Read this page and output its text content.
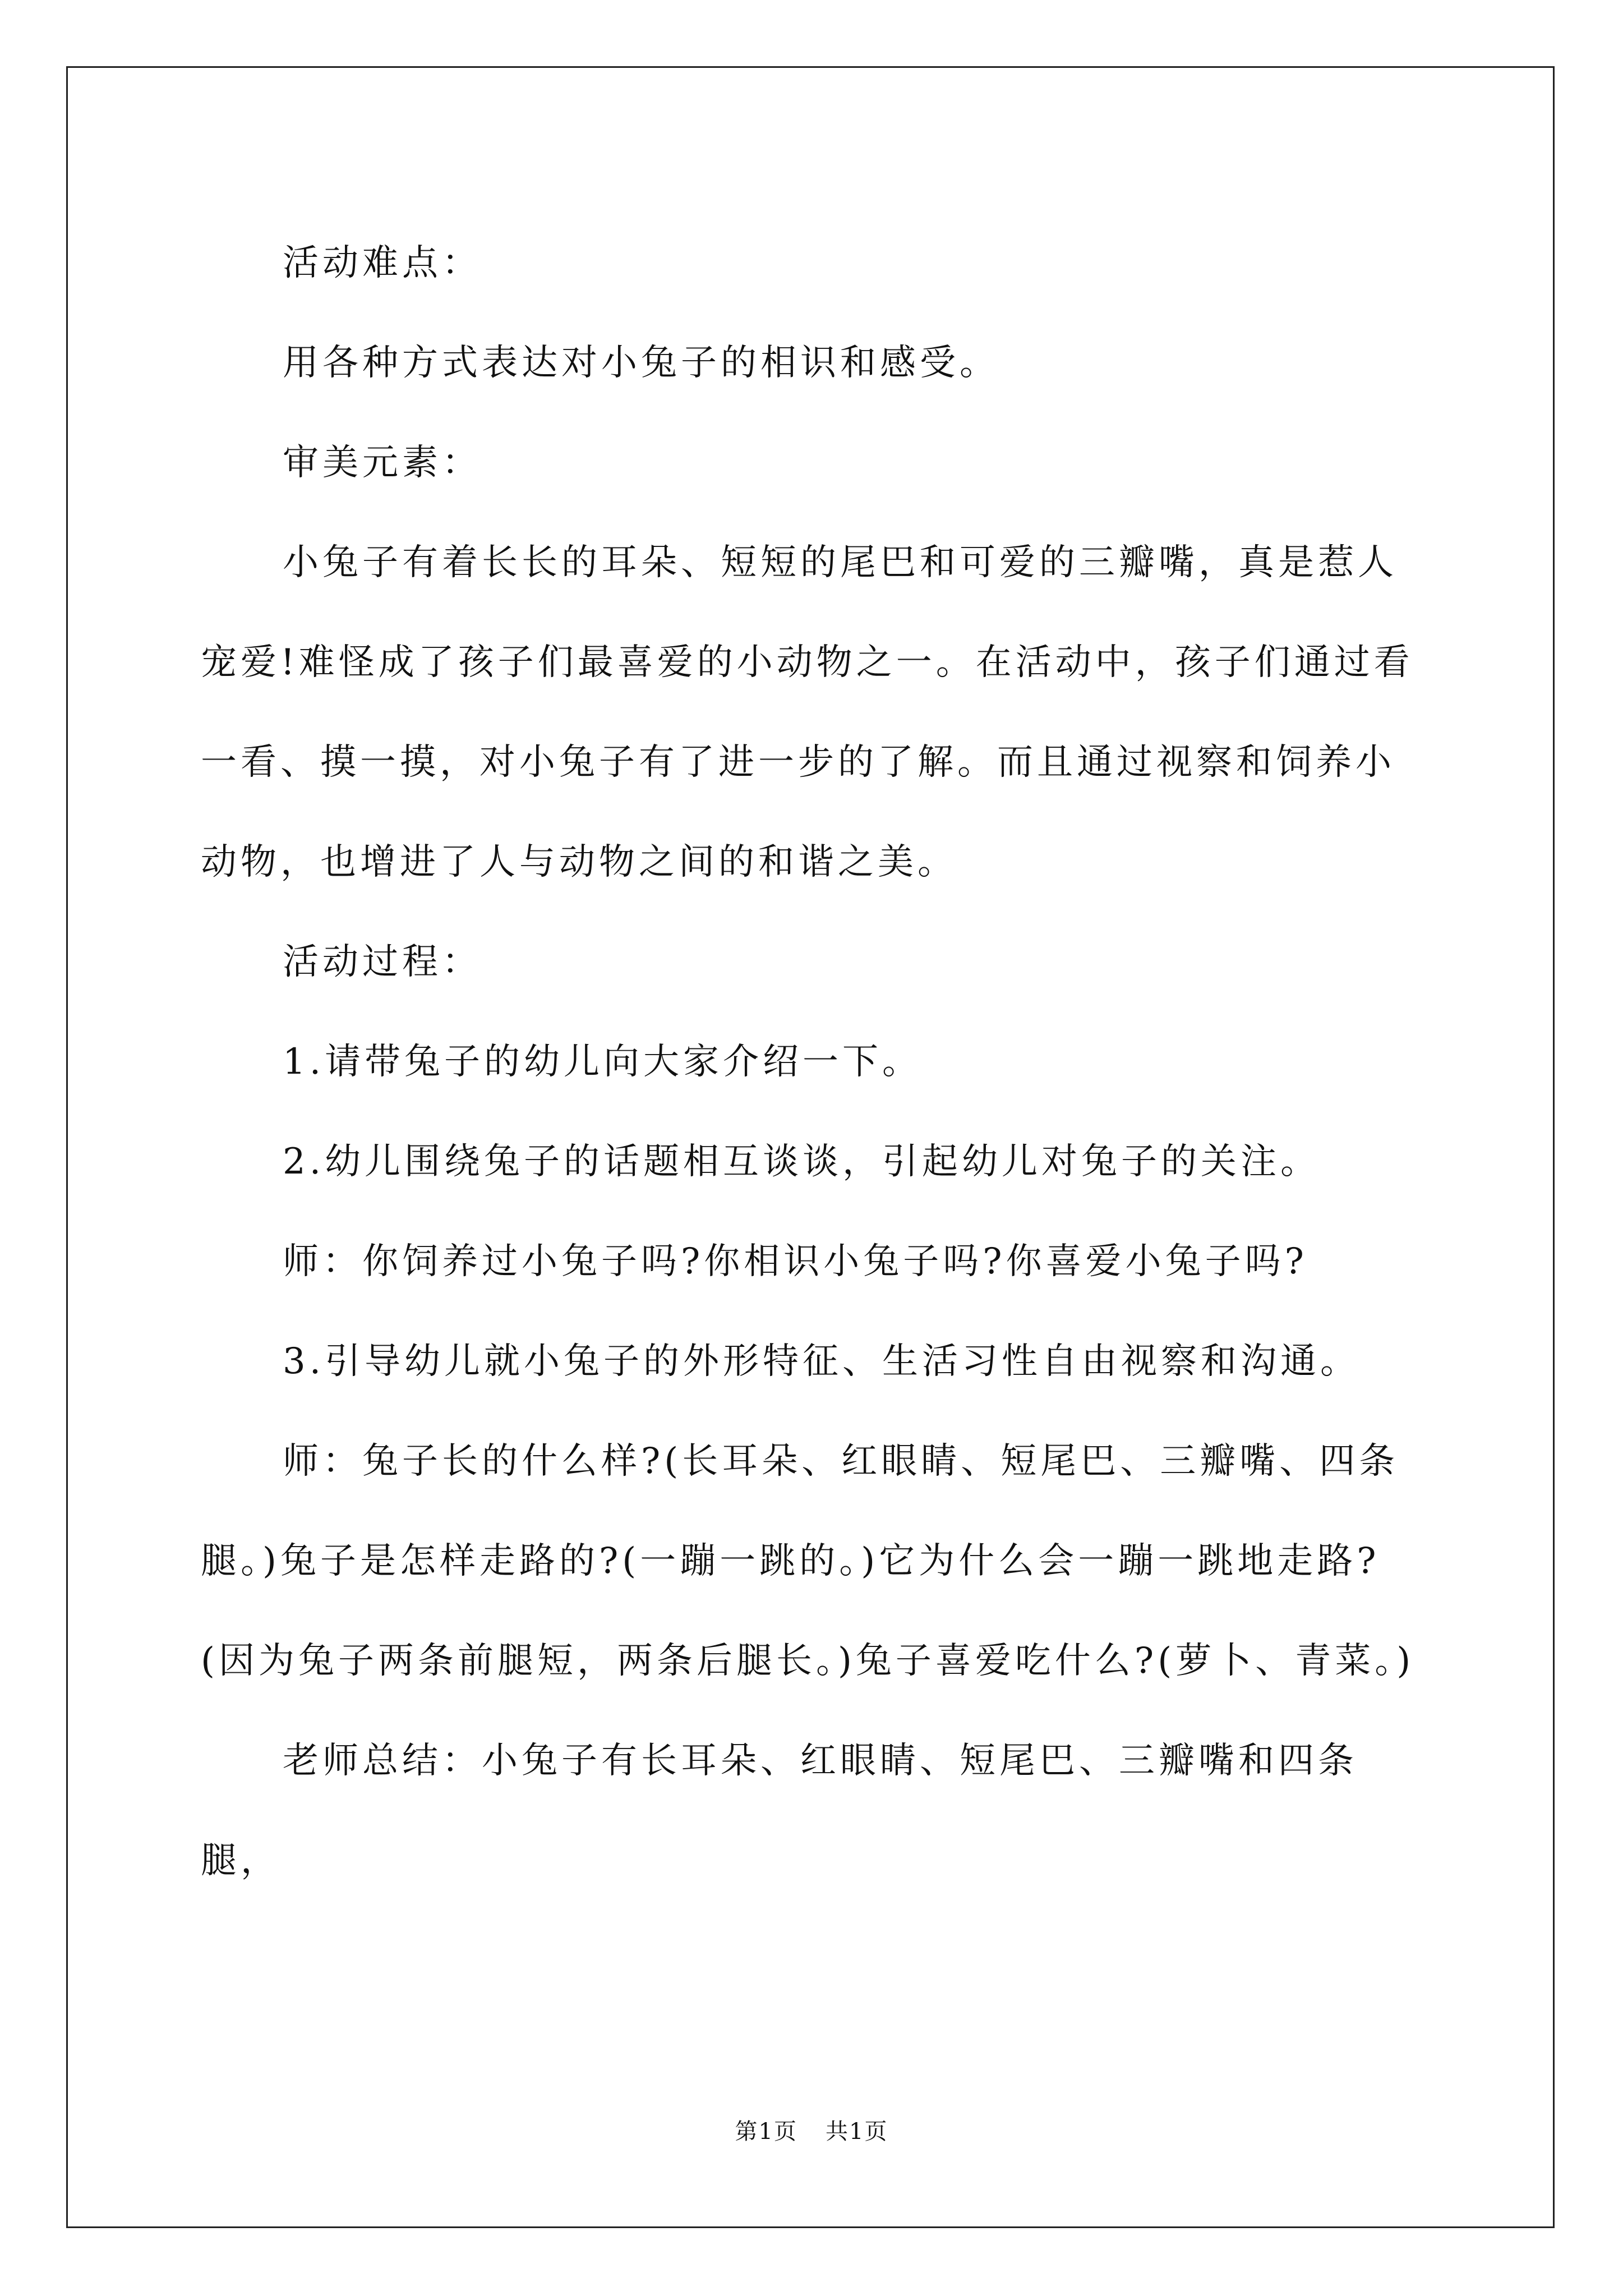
活动难点：

用各种方式表达对小兔子的相识和感受。

审美元素：

小兔子有着长长的耳朵、短短的尾巴和可爱的三瓣嘴，真是惹人宠爱!难怪成了孩子们最喜爱的小动物之一。在活动中，孩子们通过看一看、摸一摸，对小兔子有了进一步的了解。而且通过视察和饲养小动物，也增进了人与动物之间的和谐之美。

活动过程：

1.请带兔子的幼儿向大家介绍一下。

2.幼儿围绕兔子的话题相互谈谈，引起幼儿对兔子的关注。

师：你饲养过小兔子吗?你相识小兔子吗?你喜爱小兔子吗?

3.引导幼儿就小兔子的外形特征、生活习性自由视察和沟通。

师：兔子长的什么样?(长耳朵、红眼睛、短尾巴、三瓣嘴、四条腿。)兔子是怎样走路的?(一蹦一跳的。)它为什么会一蹦一跳地走路?(因为兔子两条前腿短，两条后腿长。)兔子喜爱吃什么?(萝卜、青菜。)

老师总结：小兔子有长耳朵、红眼睛、短尾巴、三瓣嘴和四条腿，

第1页 共1页
